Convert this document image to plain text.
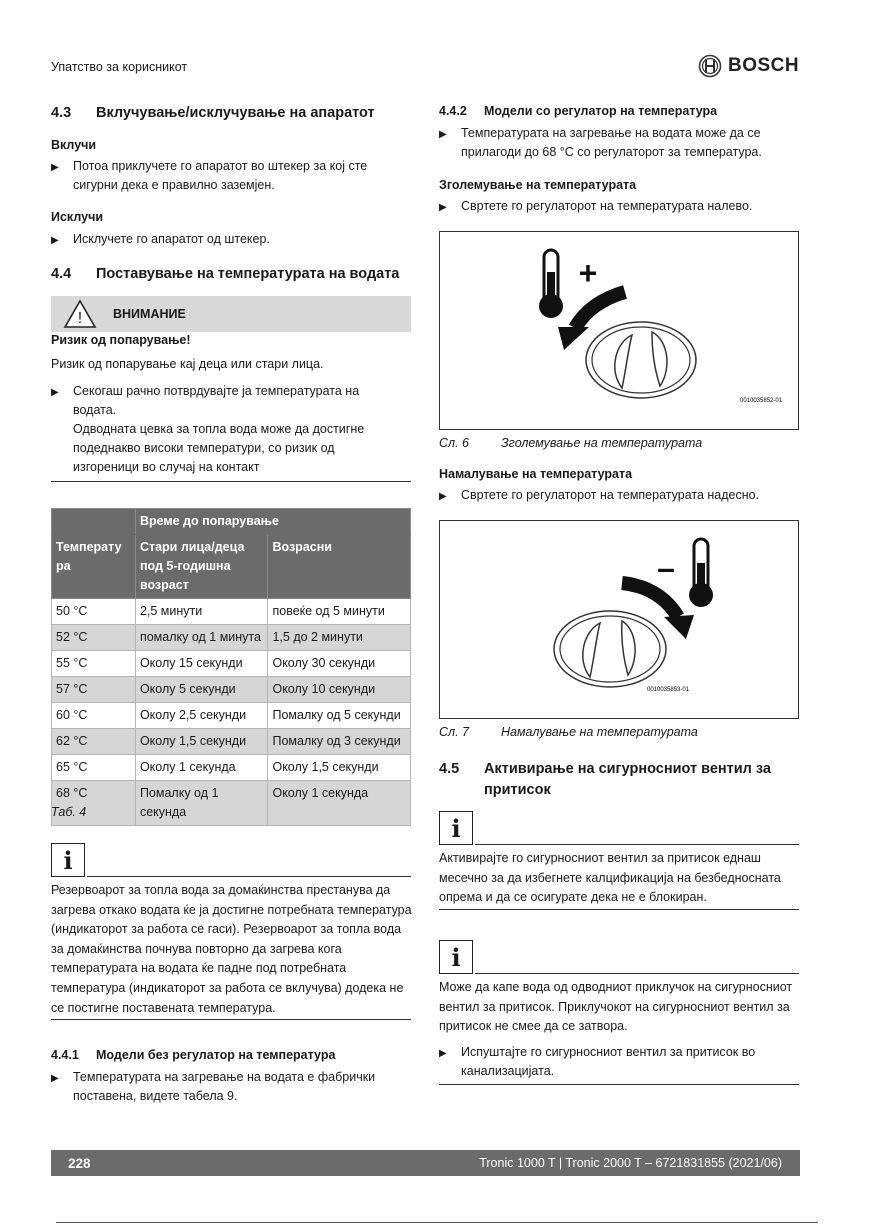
Упатство за корисникот	BOSCH
4.3	Вклучување/исклучување на апаратот
Вклучи
▶	Потоа приклучете го апаратот во штекер за кој сте сигурни дека е правилно заземјен.
Исклучи
▶	Исклучете го апаратот од штекер.
4.4	Поставување на температурата на водата
! ВНИМАНИЕ
Ризик од попарување!
Ризик од попарување кај деца или стари лица.
▶	Секогаш рачно потврдувајте ја температурата на водата.
Одводната цевка за топла вода може да достигне подеднакво високи температури, со ризик од изгореници во случај на контакт
	Време до попарување	
Температу ра	Стари лица/деца под 5-годишна возраст	Возрасни
50 °C	2,5 минути	повеќе од 5 минути
52 °C	помалку од 1 минута	1,5 до 2 минути
55 °C	Околу 15 секунди	Околу 30 секунди
57 °C	Околу 5 секунди	Околу 10 секунди
60 °C	Околу 2,5 секунди	Помалку од 5 секунди
62 °C	Околу 1,5 секунди	Помалку од 3 секунди
65 °C	Околу 1 секунда	Околу 1,5 секунди
68 °C	Помалку од 1 секунда	Околу 1 секунда
Таб. 4
i
Резервоарот за топла вода за домаќинства престанува да загрева откако водата ќе ја достигне потребната температура (индикаторот за работа се гаси). Резервоарот за топла вода за домаќинства почнува повторно да загрева кога температурата на водата ќе падне под потребната температура (индикаторот за работа се вклучува) додека не се постигне поставената температура.
4.4.1	Модели без регулатор на температура
▶	Температурата на загревање на водата е фабрички поставена, видете табела 9.
4.4.2	Модели со регулатор на температура
▶	Температурата на загревање на водата може да се прилагоди до 68 °C со регулаторот за температура.
Зголемување на температурата
▶	Свртете го регулаторот на температурата налево.
+
0010035852-01
Сл. 6	Зголемување на температурата
Намалување на температурата
▶	Свртете го регулаторот на температурата надесно.
–
0010035853-01
Сл. 7	Намалување на температурата
4.5	Активирање на сигурносниот вентил за притисок
i
Активирајте го сигурносниот вентил за притисок еднаш месечно за да избегнете калцификација на безбедносната опрема и да се осигурате дека не е блокиран.
i
Може да капе вода од одводниот приклучок на сигурносниот вентил за притисок. Приклучокот на сигурносниот вентил за притисок не смее да се затвора.
▶	Испуштајте го сигурносниот вентил за притисок во канализацијата.
228	Tronic 1000 T | Tronic 2000 T – 6721831855 (2021/06)
